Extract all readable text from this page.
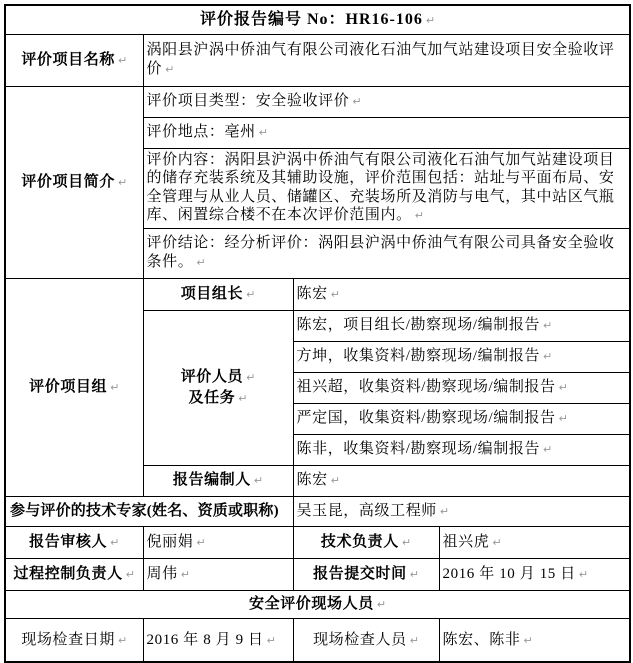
评价报告编号 No：HR16-106 ↵			
评价项目名称 ↵	涡阳县沪涡中侨油气有限公司液化石油气加气站建设项目安全验收评价 ↵		
评价项目简介 ↵	评价项目类型：安全验收评价 ↵		
	评价地点：亳州 ↵		
	评价内容：涡阳县沪涡中侨油气有限公司液化石油气加气站建设项目的储存充装系统及其辅助设施，评价范围包括：站址与平面布局、安全管理与从业人员、储罐区、充装场所及消防与电气，其中站区气瓶库、闲置综合楼不在本次评价范围内。 ↵		
	评价结论：经分析评价：涡阳县沪涡中侨油气有限公司具备安全验收条件。 ↵		
评价项目组 ↵	项目组长 ↵	陈宏 ↵	

	评价人员 ↵
及任务 ↵	陈宏，项目组长/勘察现场/编制报告 ↵	
		方坤，收集资料/勘察现场/编制报告 ↵	
		祖兴超，收集资料/勘察现场/编制报告 ↵	
		严定国，收集资料/勘察现场/编制报告 ↵	
		陈非，收集资料/勘察现场/编制报告 ↵	
	报告编制人 ↵	陈宏 ↵	
参与评价的技术专家(姓名、资质或职称)		吴玉昆，高级工程师 ↵	
报告审核人 ↵	倪丽娟 ↵	技术负责人 ↵	祖兴虎 ↵
过程控制负责人 ↵	周伟 ↵	报告提交时间 ↵	2016 年 10 月 15 日 ↵
安全评价现场人员 ↵			
现场检查日期 ↵	2016 年 8 月 9 日 ↵	现场检查人员 ↵	陈宏、陈非 ↵
